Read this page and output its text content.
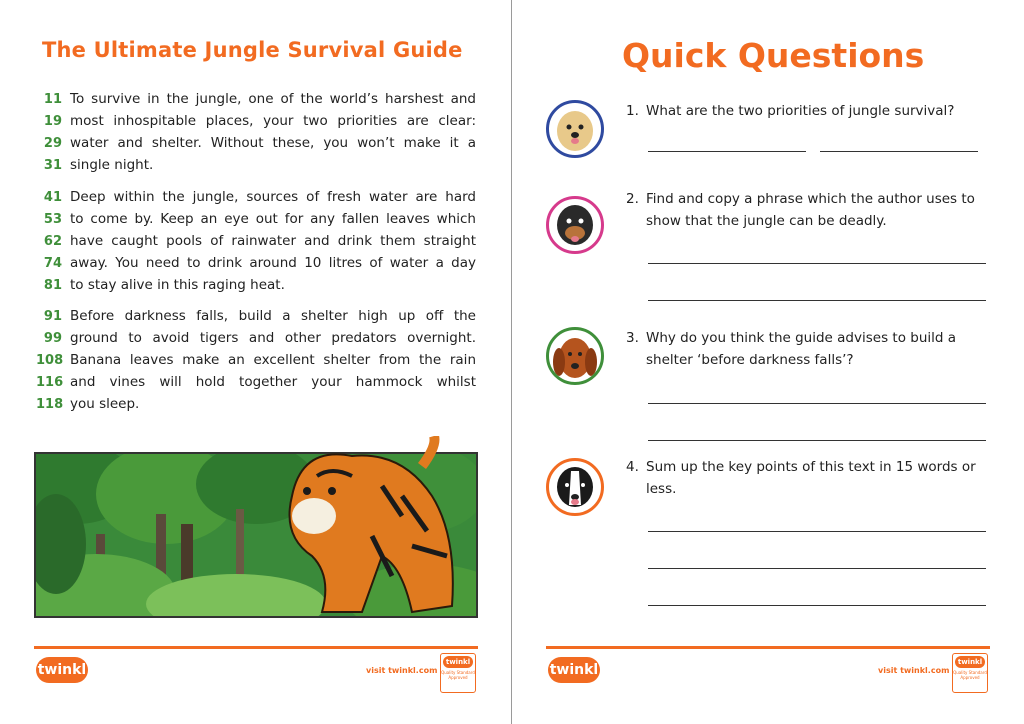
The Ultimate Jungle Survival Guide
11 To survive in the jungle, one of the world’s harshest and
19 most inhospitable places, your two priorities are clear:
29 water and shelter. Without these, you won’t make it a
31 single night.
41 Deep within the jungle, sources of fresh water are hard
53 to come by. Keep an eye out for any fallen leaves which
62 have caught pools of rainwater and drink them straight
74 away. You need to drink around 10 litres of water a day
81 to stay alive in this raging heat.
91 Before darkness falls, build a shelter high up off the
99 ground to avoid tigers and other predators overnight.
108 Banana leaves make an excellent shelter from the rain
116 and vines will hold together your hammock whilst
118 you sleep.
twinkl	visit twinkl.com
twinkl
Quality Standard Approved
Quick Questions
1. What are the two priorities of jungle survival?
2. Find and copy a phrase which the author uses to show that the jungle can be deadly.
3. Why do you think the guide advises to build a shelter ‘before darkness falls’?
4. Sum up the key points of this text in 15 words or less.
twinkl	visit twinkl.com
twinkl
Quality Standard Approved
